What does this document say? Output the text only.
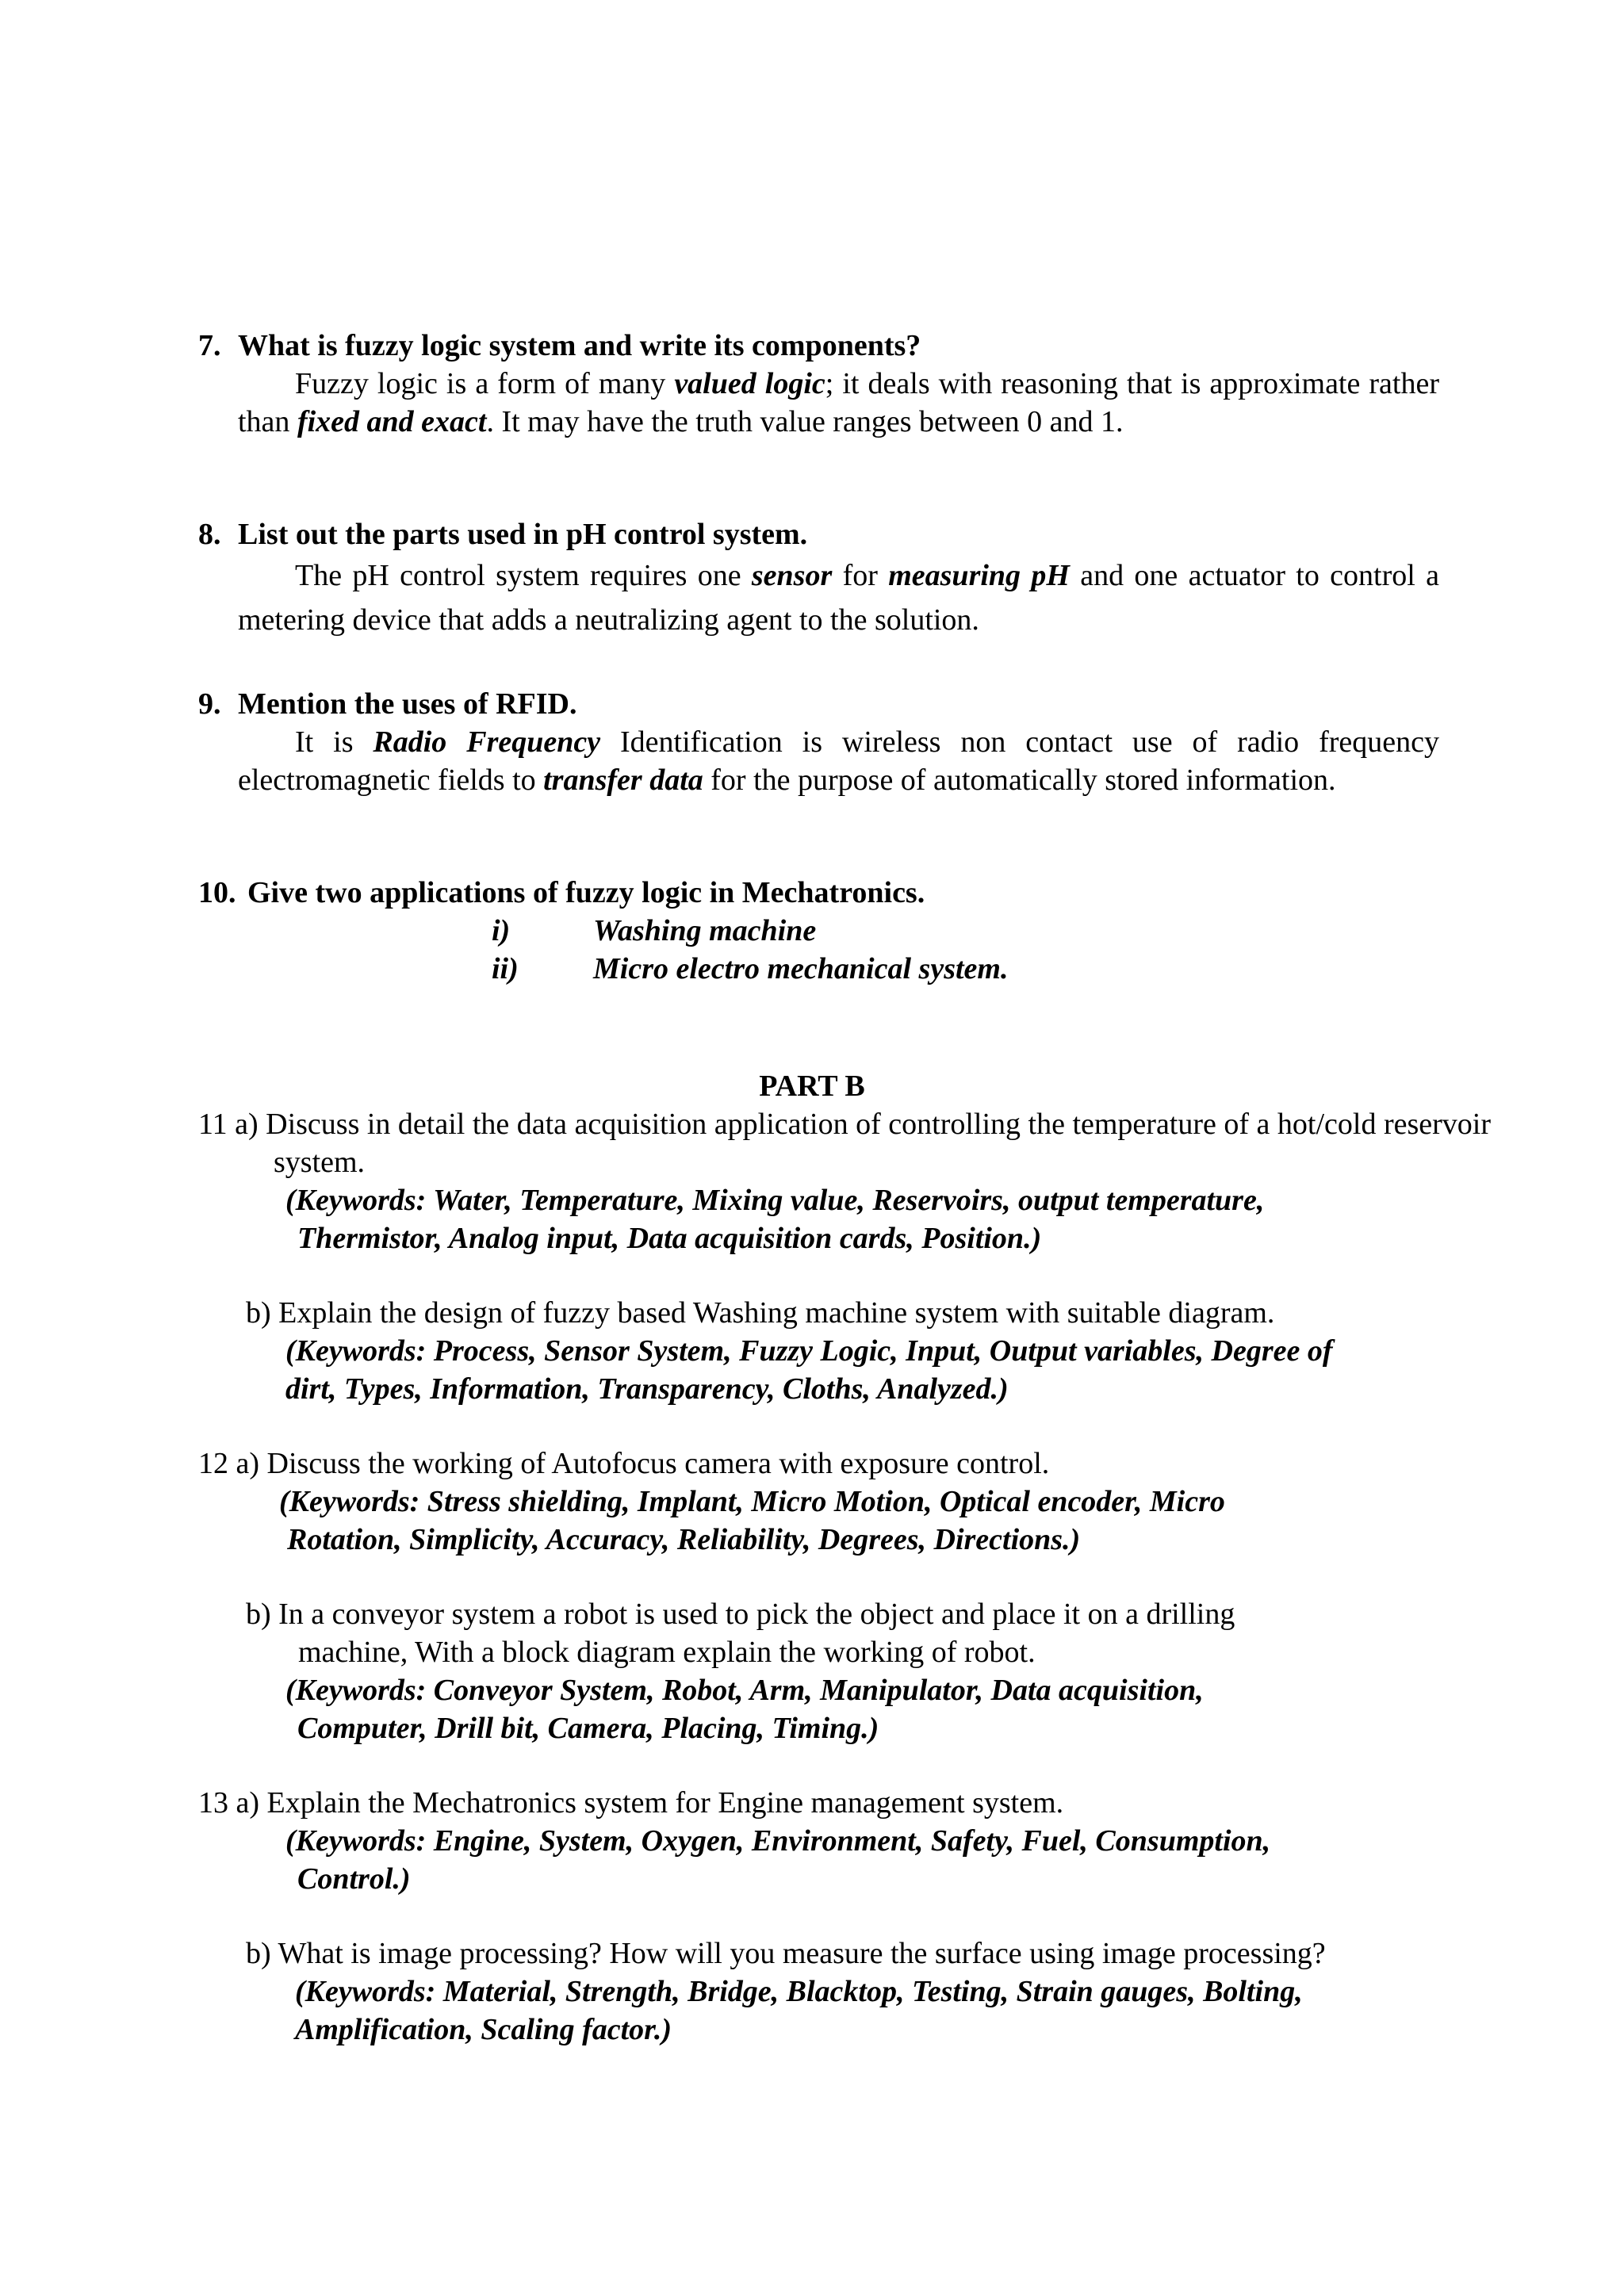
7. What is fuzzy logic system and write its components?
Fuzzy logic is a form of many valued logic; it deals with reasoning that is approximate rather than fixed and exact. It may have the truth value ranges between 0 and 1.
8. List out the parts used in pH control system.
The pH control system requires one sensor for measuring pH and one actuator to control a metering device that adds a neutralizing agent to the solution.
9. Mention the uses of RFID.
It is Radio Frequency Identification is wireless non contact use of radio frequency electromagnetic fields to transfer data for the purpose of automatically stored information.
10. Give two applications of fuzzy logic in Mechatronics.
i)	Washing machine
ii) Micro electro mechanical system.
PART B
11 a) Discuss in detail the data acquisition application of controlling the temperature of a hot/cold reservoir system.
(Keywords: Water, Temperature, Mixing value, Reservoirs, output temperature,
Thermistor, Analog input, Data acquisition cards, Position.)
b) Explain the design of fuzzy based Washing machine system with suitable diagram.
(Keywords: Process, Sensor System, Fuzzy Logic, Input, Output variables, Degree of
dirt, Types, Information, Transparency, Cloths, Analyzed.)
12 a) Discuss the working of Autofocus camera with exposure control.
(Keywords: Stress shielding, Implant, Micro Motion, Optical encoder, Micro
Rotation, Simplicity, Accuracy, Reliability, Degrees, Directions.)
b) In a conveyor system a robot is used to pick the object and place it on a drilling
machine, With a block diagram explain the working of robot.
(Keywords: Conveyor System, Robot, Arm, Manipulator, Data acquisition,
Computer, Drill bit, Camera, Placing, Timing.)
13 a) Explain the Mechatronics system for Engine management system.
(Keywords: Engine, System, Oxygen, Environment, Safety, Fuel, Consumption,
Control.)
b) What is image processing? How will you measure the surface using image processing?
(Keywords: Material, Strength, Bridge, Blacktop, Testing, Strain gauges, Bolting,
Amplification, Scaling factor.)
